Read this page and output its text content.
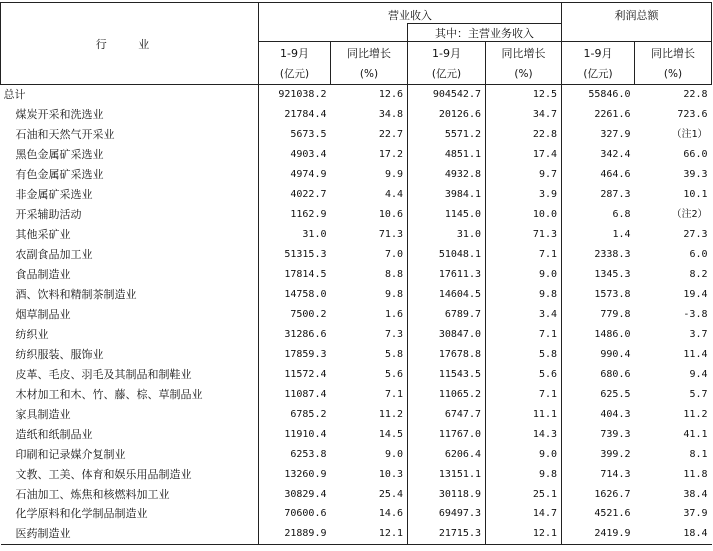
行 业	营业收入				利润总额	
			其中：主营业务收入			
	1-9月	同比增长	1-9月	同比增长	1-9月	同比增长
	(亿元)	(%)	(亿元)	(%)	(亿元)	(%)
总计	921038.2	12.6	904542.7	12.5	55846.0	22.8
煤炭开采和洗选业	21784.4	34.8	20126.6	34.7	2261.6	723.6
石油和天然气开采业	5673.5	22.7	5571.2	22.8	327.9	（注1）
黑色金属矿采选业	4903.4	17.2	4851.1	17.4	342.4	66.0
有色金属矿采选业	4974.9	9.9	4932.8	9.7	464.6	39.3
非金属矿采选业	4022.7	4.4	3984.1	3.9	287.3	10.1
开采辅助活动	1162.9	10.6	1145.0	10.0	6.8	（注2）
其他采矿业	31.0	71.3	31.0	71.3	1.4	27.3
农副食品加工业	51315.3	7.0	51048.1	7.1	2338.3	6.0
食品制造业	17814.5	8.8	17611.3	9.0	1345.3	8.2
酒、饮料和精制茶制造业	14758.0	9.8	14604.5	9.8	1573.8	19.4
烟草制品业	7500.2	1.6	6789.7	3.4	779.8	-3.8
纺织业	31286.6	7.3	30847.0	7.1	1486.0	3.7
纺织服装、服饰业	17859.3	5.8	17678.8	5.8	990.4	11.4
皮革、毛皮、羽毛及其制品和制鞋业	11572.4	5.6	11543.5	5.6	680.6	9.4
木材加工和木、竹、藤、棕、草制品业	11087.4	7.1	11065.2	7.1	625.5	5.7
家具制造业	6785.2	11.2	6747.7	11.1	404.3	11.2
造纸和纸制品业	11910.4	14.5	11767.0	14.3	739.3	41.1
印刷和记录媒介复制业	6253.8	9.0	6206.4	9.0	399.2	8.1
文教、工美、体育和娱乐用品制造业	13260.9	10.3	13151.1	9.8	714.3	11.8
石油加工、炼焦和核燃料加工业	30829.4	25.4	30118.9	25.1	1626.7	38.4
化学原料和化学制品制造业	70600.6	14.6	69497.3	14.7	4521.6	37.9
医药制造业	21889.9	12.1	21715.3	12.1	2419.9	18.4
